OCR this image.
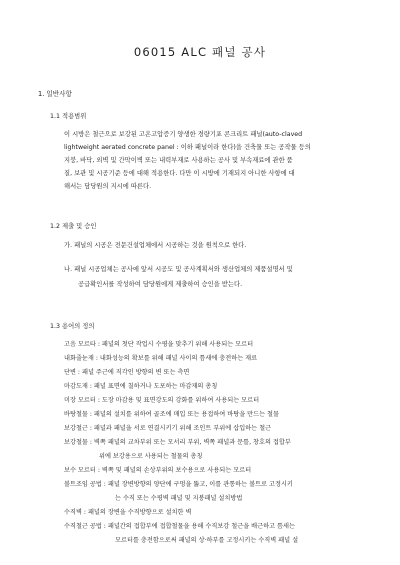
06015 ALC 패널 공사
1. 일반사항
1.1 적용범위
이 시방은 철근으로 보강된 고온고압증기 양생한 경량기포 콘크리트 패널(auto-claved
lightweight aerated concrete panel : 이하 패널이라 한다)을 건축물 또는 공작물 등의
지붕, 바닥, 외벽 및 간막이벽 또는 내력부재로 사용하는 공사 및 부속재료에 관한 품
질, 보관 및 시공기준 등에 대해 적용한다. 다만 이 시방에 기재되지 아니한 사항에 대
해서는 담당원의 지시에 따른다.
1.2 제출 및 승인
가. 패널의 시공은 전문건설업체에서 시공하는 것을 원칙으로 한다.
나. 패널 시공업체는 공사에 앞서 시공도 및 공사계획서와 생산업체의 제품설명서 및
공급확인서를 작성하여 담당원에게 제출하여 승인을 받는다.
1.3 용어의 정의
고음 모르타 : 패널의 첫단 작업시 수평을 맞추기 위해 사용되는 모르터
내화줄눈재 : 내화성능의 확보를 위해 패널 사이의 틈새에 충전하는 재료
단변 : 패널 주근에 직각인 방향의 변 또는 측면
마감도재 : 패널 표면에 칠하거나 도포하는 마감재의 총칭
미장 모르터 : 도장 마감용 및 표면강도의 강화를 위하여 사용되는 모르터
바탕철물 : 패널의 설치를 위하여 골조에 매입 또는 용접하여 바탕을 만드는 철물
보강철근 : 패널과 패널을 서로 연결시키기 위해 조인트 부위에 삽입하는 철근
보강철물 : 벽쪽 패널의 교차부위 또는 모서리 부위, 벽쪽 패널과 문틀, 창호의 접합부
위에 보강용으로 사용되는 철물의 총칭
보수 모르터 : 벽쪽 및 패널의 손상부위의 보수용으로 사용되는 모르터
볼트조임 공법 : 패널 장변방향의 양단에 구멍을 뚫고, 이를 관통하는 볼트로 고정시키
는 수직 또는 수평벽 패널 및 지붕패널 설치방법
수직벽 : 패널의 장변을 수직방향으로 설치한 벽
수직철근 공법 : 패널간의 접합부에 접합철물을 용해 수직보강 철근을 배근하고 틈새는
모르터를 충전함으로써 패널의 상·하부를 고정시키는 수직벽 패널 설
